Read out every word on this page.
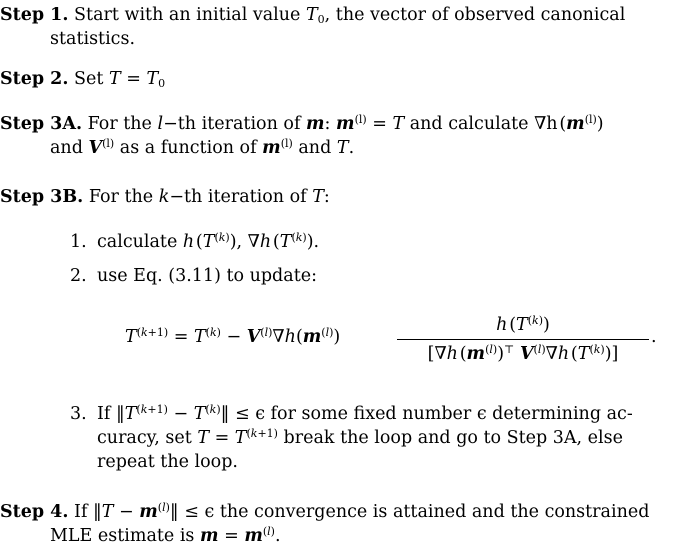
Step 1. Start with an initial value $T_0$, the vector of observed canonical
statistics.
Step 2. Set $T = T_0$
Step 3A. For the l−th iteration of m: $m^{(l)} = T$ and calculate ∇h $(m^{(l)})$
and $V^{(l)}$ as a function of $m^{(l)}$ and T.
Step 3B. For the k−th iteration of T:
1. calculate h $(T^{(k)})$, ∇h $(T^{(k)})$.
2. use Eq. (3.11) to update:
$T^{(k+1)} = T^{(k)} - V^{(l)}\nabla h(m^{(l)})$
h $(T^{(k)})$
[∇h $(m^{(l)})^⊤$ $V^{(l)}\nabla h$ $(T^{(k)})$]
.
3. If $‖T^{(k+1)}$ − $T^{(k)}‖ \le \epsilon$ for some fixed number ϵ determining ac-
curacy, set $T = T^{(k+1)}$ break the loop and go to Step 3A, else
repeat the loop.
Step 4. If ‖T − $m^{(l)}‖ \le \epsilon$ the convergence is attained and the constrained
MLE estimate is $m = m^{(l)}$.
